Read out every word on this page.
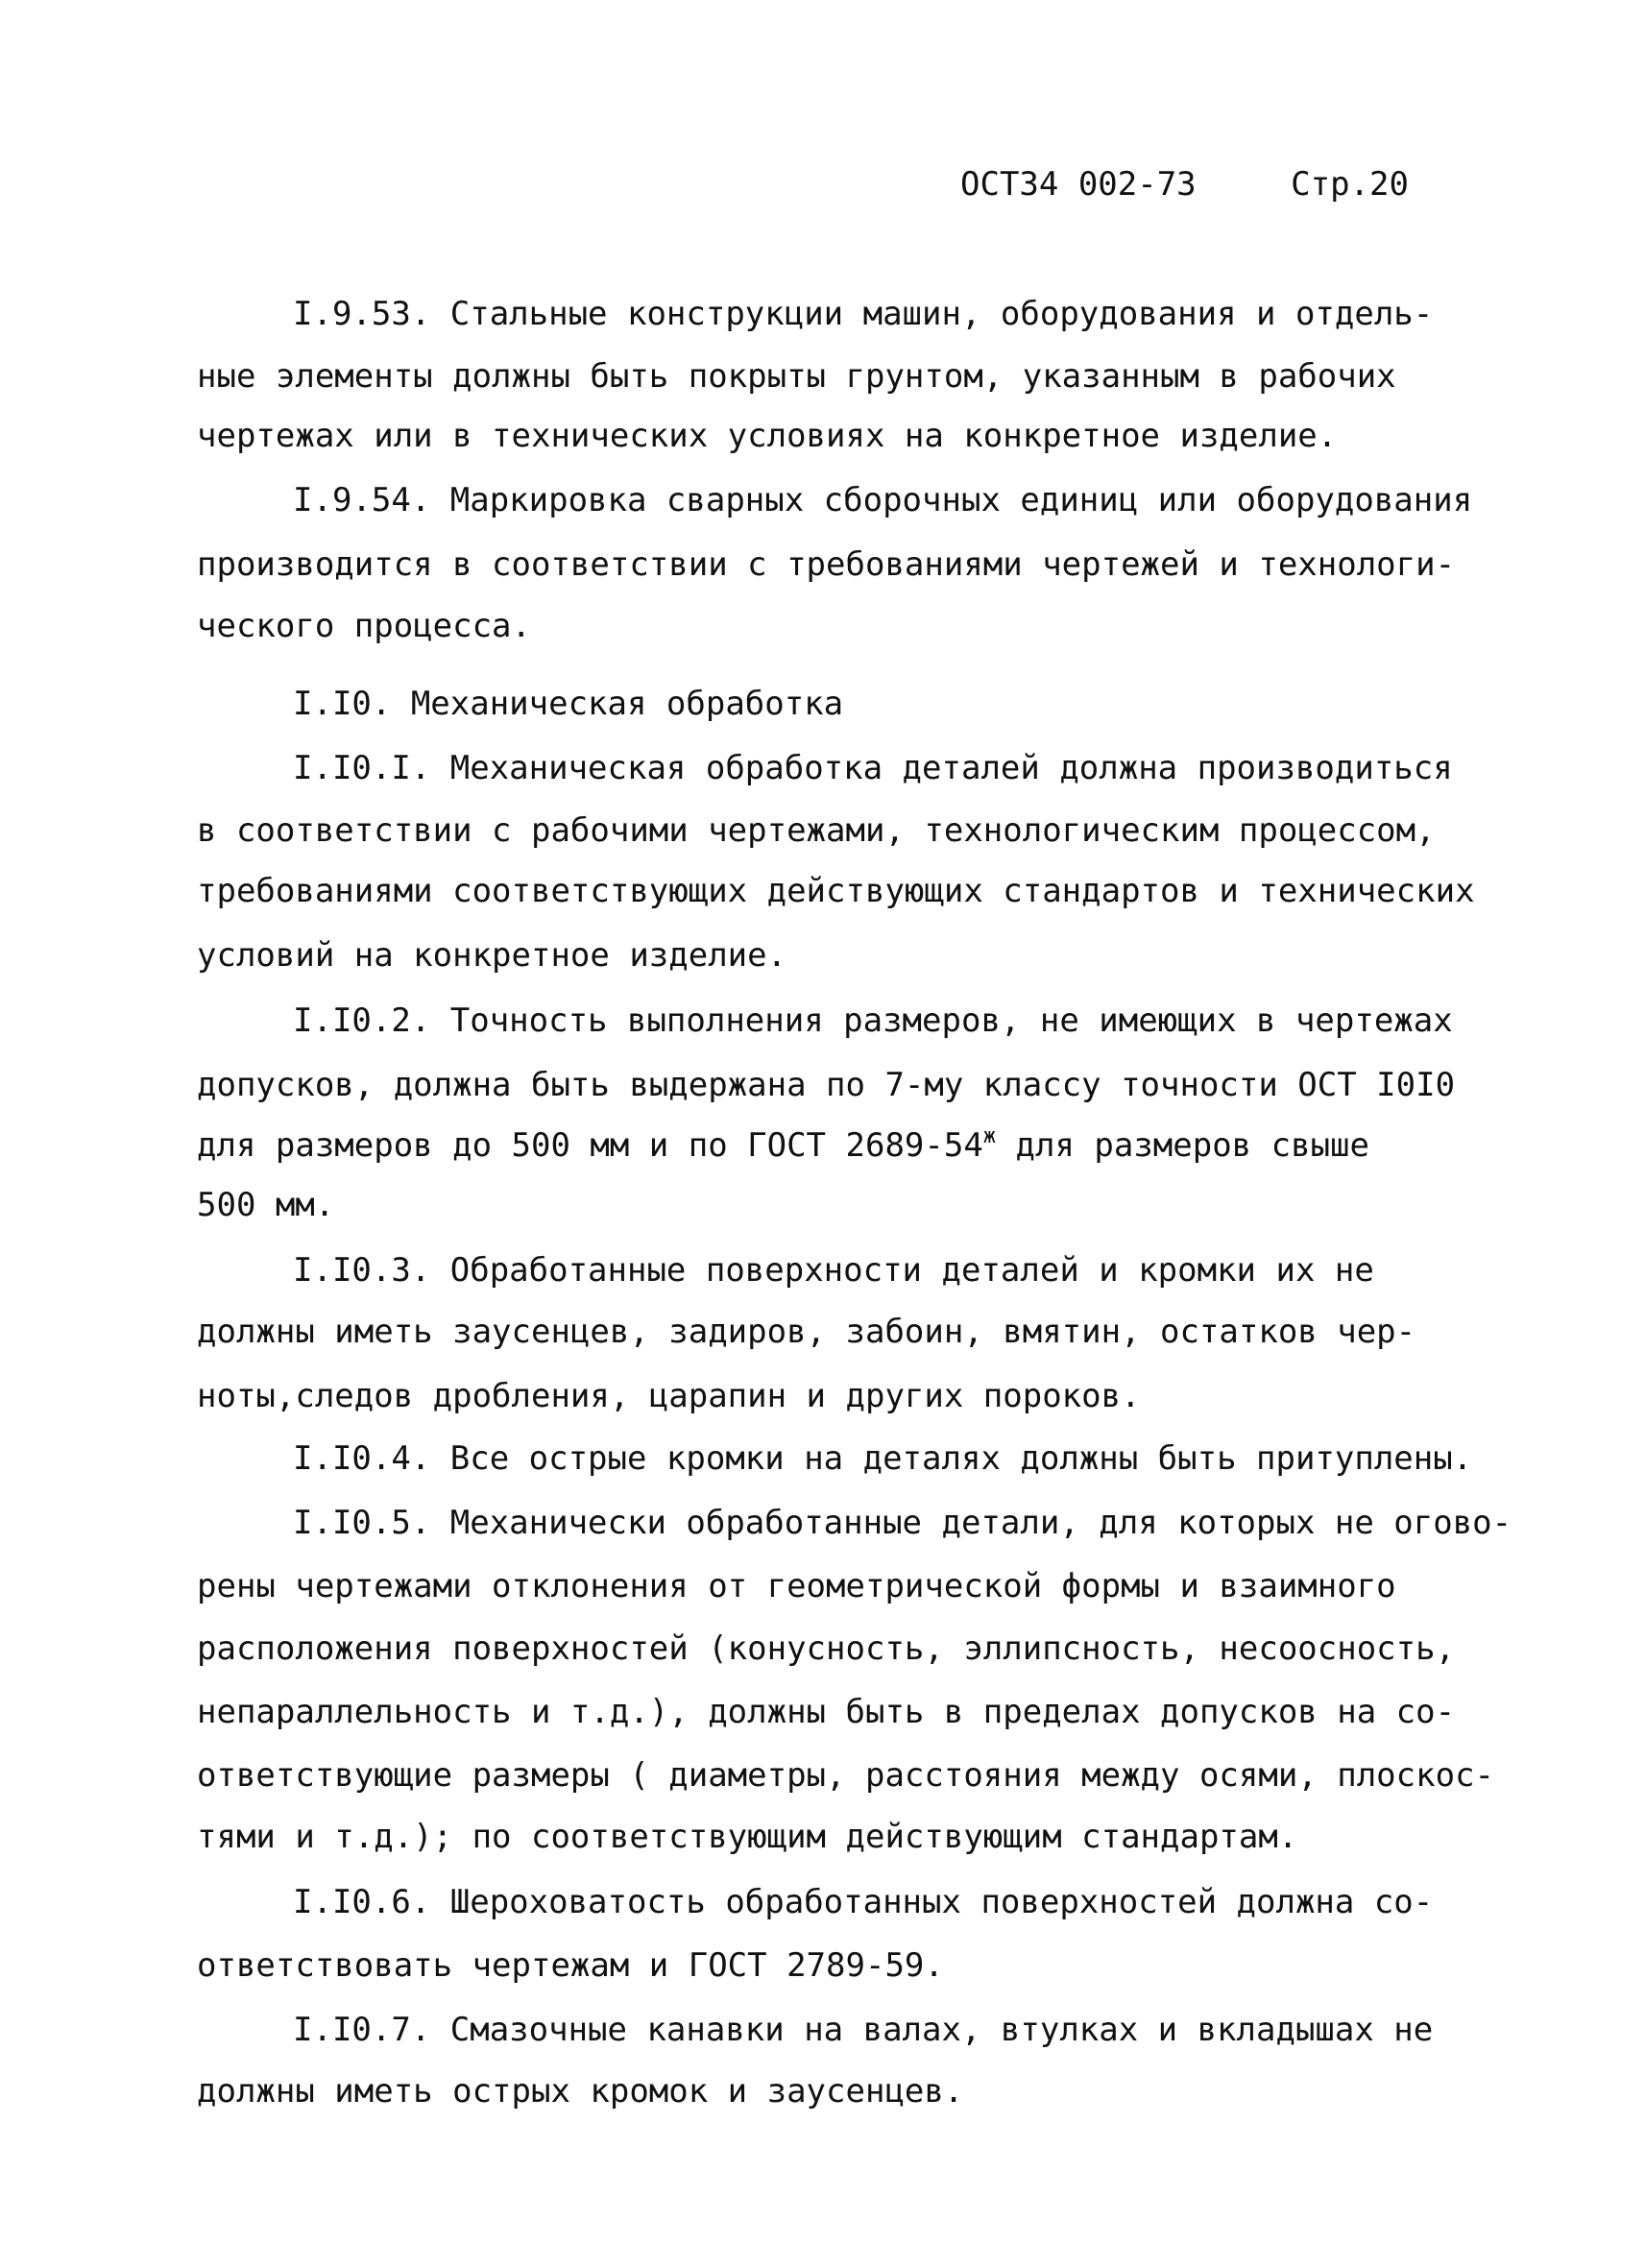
ОСТ34 002-73	Стр.20
I.9.53. Стальные конструкции машин, оборудования и отдель-
ные элементы должны быть покрыты грунтом, указанным в рабочих
чертежах или в технических условиях на конкретное изделие.
I.9.54. Маркировка сварных сборочных единиц или оборудования
производится в соответствии с требованиями чертежей и технологи-
ческого процесса.
I.I0. Механическая обработка
I.I0.I. Механическая обработка деталей должна производиться
в соответствии с рабочими чертежами, технологическим процессом,
требованиями соответствующих действующих стандартов и технических
условий на конкретное изделие.
I.I0.2. Точность выполнения размеров, не имеющих в чертежах
допусков, должна быть выдержана по 7-му классу точности ОСТ I0I0
для размеров до 500 мм и по ГОСТ $2689-54^ж$ для размеров свыше
500 мм.
I.I0.3. Обработанные поверхности деталей и кромки их не
должны иметь заусенцев, задиров, забоин, вмятин, остатков чер-
ноты,следов дробления, царапин и других пороков.
I.I0.4. Все острые кромки на деталях должны быть притуплены.
I.I0.5. Механически обработанные детали, для которых не огово-
рены чертежами отклонения от геометрической формы и взаимного
расположения поверхностей (конусность, эллипсность, несоосность,
непараллельность и т.д.), должны быть в пределах допусков на со-
ответствующие размеры ( диаметры, расстояния между осями, плоскос-
тями и т.д.); по соответствующим действующим стандартам.
I.I0.6. Шероховатость обработанных поверхностей должна со-
ответствовать чертежам и ГОСТ 2789-59.
I.I0.7. Смазочные канавки на валах, втулках и вкладышах не
должны иметь острых кромок и заусенцев.
